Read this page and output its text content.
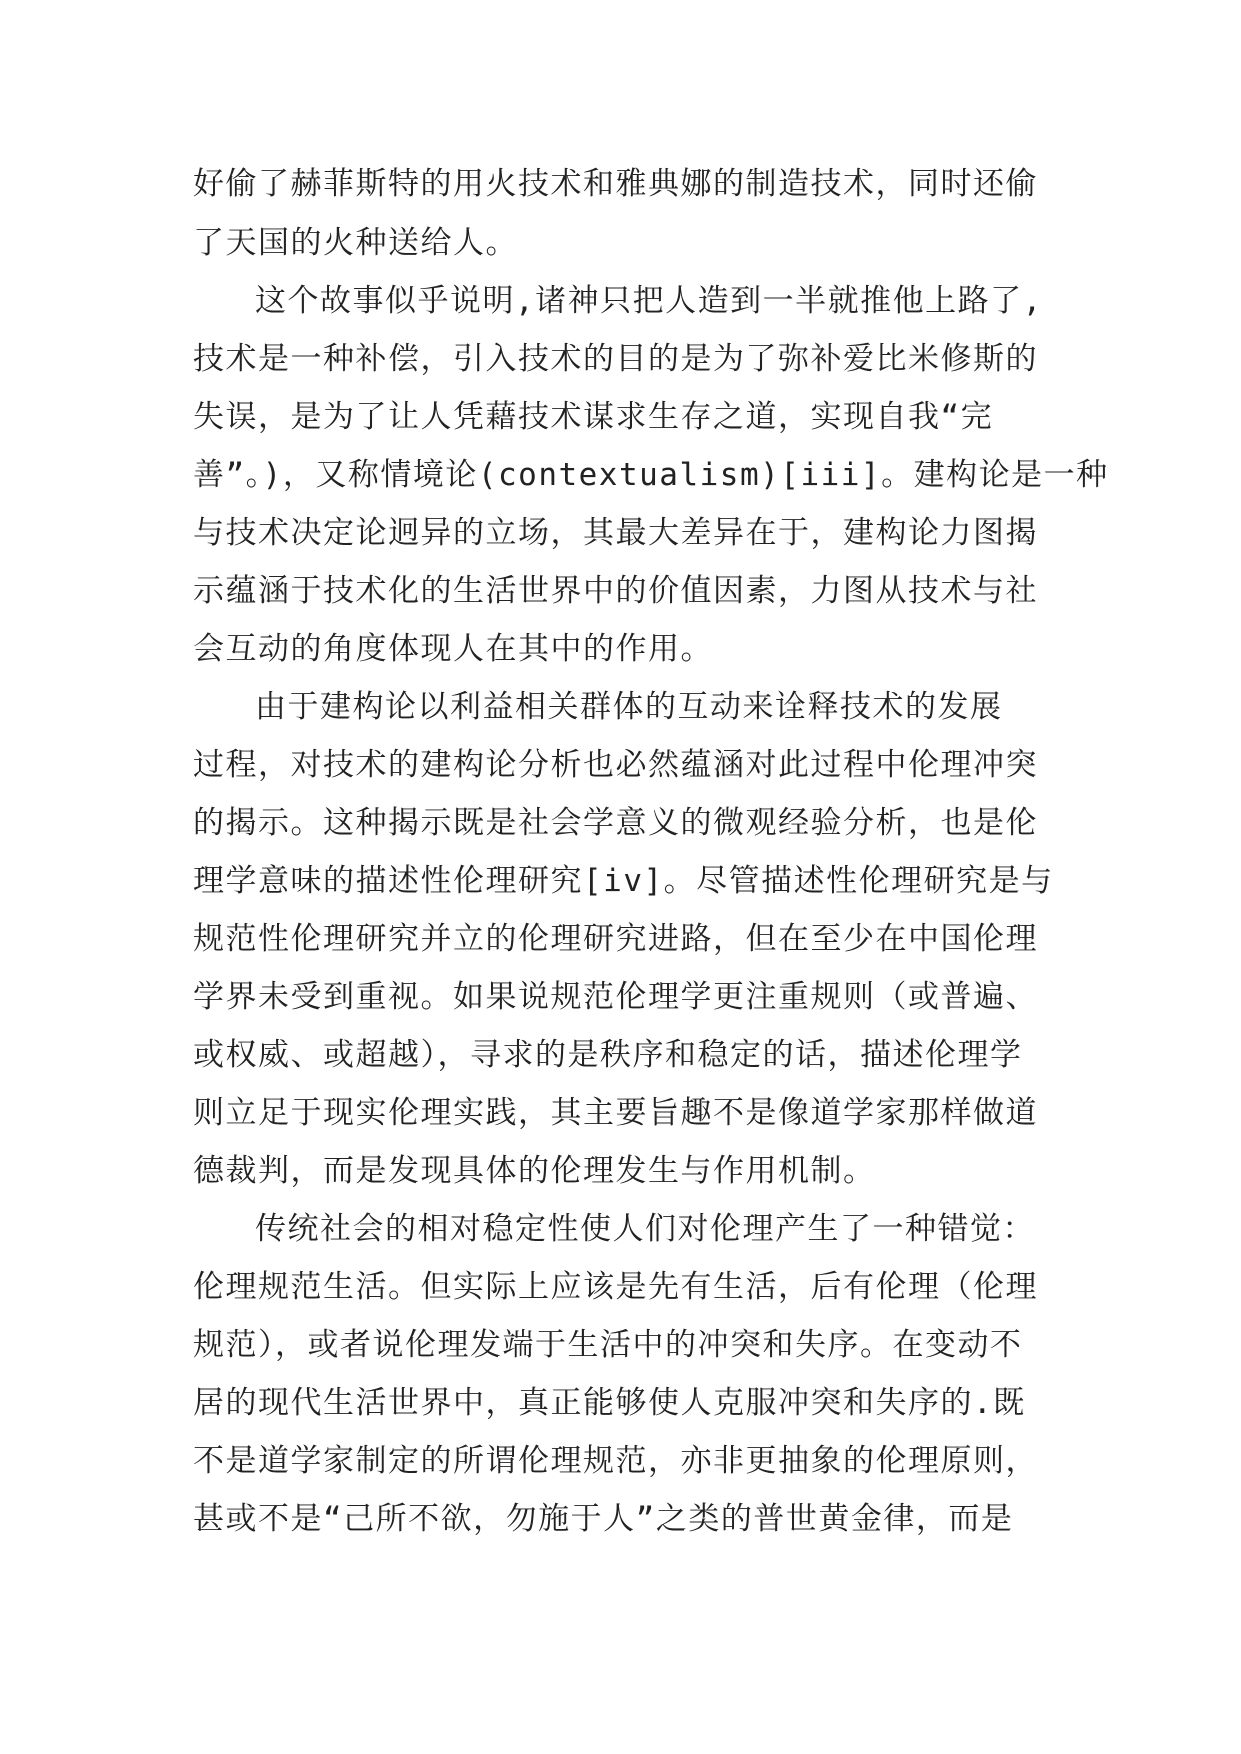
好偷了赫菲斯特的用火技术和雅典娜的制造技术，同时还偷
了天国的火种送给人。
这个故事似乎说明,诸神只把人造到一半就推他上路了,
技术是一种补偿，引入技术的目的是为了弥补爱比米修斯的
失误，是为了让人凭藉技术谋求生存之道，实现自我“完
善”。)，又称情境论(contextualism)[iii]。建构论是一种
与技术决定论迥异的立场，其最大差异在于，建构论力图揭
示蕴涵于技术化的生活世界中的价值因素，力图从技术与社
会互动的角度体现人在其中的作用。
由于建构论以利益相关群体的互动来诠释技术的发展
过程，对技术的建构论分析也必然蕴涵对此过程中伦理冲突
的揭示。这种揭示既是社会学意义的微观经验分析，也是伦
理学意味的描述性伦理研究[iv]。尽管描述性伦理研究是与
规范性伦理研究并立的伦理研究进路，但在至少在中国伦理
学界未受到重视。如果说规范伦理学更注重规则（或普遍、
或权威、或超越），寻求的是秩序和稳定的话，描述伦理学
则立足于现实伦理实践，其主要旨趣不是像道学家那样做道
德裁判，而是发现具体的伦理发生与作用机制。
传统社会的相对稳定性使人们对伦理产生了一种错觉：
伦理规范生活。但实际上应该是先有生活，后有伦理（伦理
规范），或者说伦理发端于生活中的冲突和失序。在变动不
居的现代生活世界中，真正能够使人克服冲突和失序的.既
不是道学家制定的所谓伦理规范，亦非更抽象的伦理原则，
甚或不是“己所不欲，勿施于人”之类的普世黄金律，而是
